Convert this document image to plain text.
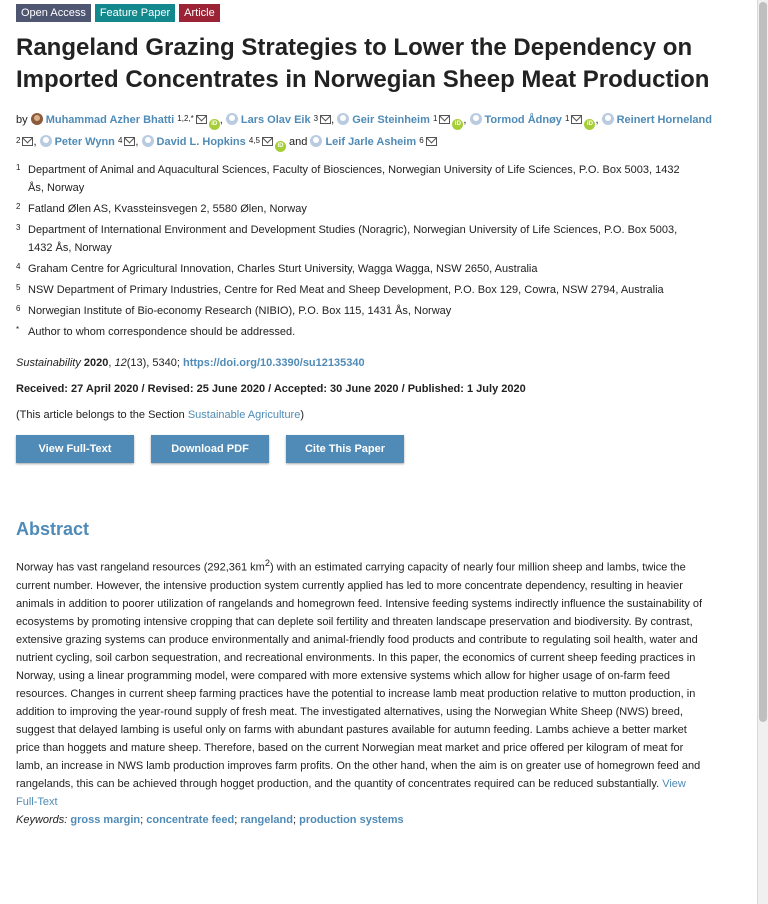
Open Access	Feature Paper	Article
Rangeland Grazing Strategies to Lower the Dependency on Imported Concentrates in Norwegian Sheep Meat Production
by Muhammad Azher Bhatti $^{1,2,*}$iD , Lars Olav Eik $^3$ , Geir Steinheim $^1$iD , Tormod Ådnøy $^1$iD , Reinert Horneland $^2$ , Peter Wynn $^4$ , David L. Hopkins $^{4,5}$iD and Leif Jarle Asheim $^6$
1 Department of Animal and Aquacultural Sciences, Faculty of Biosciences, Norwegian University of Life Sciences, P.O. Box 5003, 1432 Ås, Norway
2 Fatland Ølen AS, Kvassteinsvegen 2, 5580 Ølen, Norway
3 Department of International Environment and Development Studies (Noragric), Norwegian University of Life Sciences, P.O. Box 5003, 1432 Ås, Norway
4 Graham Centre for Agricultural Innovation, Charles Sturt University, Wagga Wagga, NSW 2650, Australia
5 NSW Department of Primary Industries, Centre for Red Meat and Sheep Development, P.O. Box 129, Cowra, NSW 2794, Australia
6 Norwegian Institute of Bio-economy Research (NIBIO), P.O. Box 115, 1431 Ås, Norway
* Author to whom correspondence should be addressed.
Sustainability 2020, 12(13), 5340; https://doi.org/10.3390/su12135340
Received: 27 April 2020 / Revised: 25 June 2020 / Accepted: 30 June 2020 / Published: 1 July 2020
(This article belongs to the Section Sustainable Agriculture)
View Full-Text	Download PDF	Cite This Paper
Abstract
Norway has vast rangeland resources (292,361 $km^2$) with an estimated carrying capacity of nearly four million sheep and lambs, twice the current number. However, the intensive production system currently applied has led to more concentrate dependency, resulting in heavier animals in addition to poorer utilization of rangelands and homegrown feed. Intensive feeding systems indirectly influence the sustainability of ecosystems by promoting intensive cropping that can deplete soil fertility and threaten landscape preservation and biodiversity. By contrast, extensive grazing systems can produce environmentally and animal-friendly food products and contribute to regulating soil health, water and nutrient cycling, soil carbon sequestration, and recreational environments. In this paper, the economics of current sheep feeding practices in Norway, using a linear programming model, were compared with more extensive systems which allow for higher usage of on-farm feed resources. Changes in current sheep farming practices have the potential to increase lamb meat production relative to mutton production, in addition to improving the year-round supply of fresh meat. The investigated alternatives, using the Norwegian White Sheep (NWS) breed, suggest that delayed lambing is useful only on farms with abundant pastures available for autumn feeding. Lambs achieve a better market price than hoggets and mature sheep. Therefore, based on the current Norwegian meat market and price offered per kilogram of meat for lamb, an increase in NWS lamb production improves farm profits. On the other hand, when the aim is on greater use of homegrown feed and rangelands, this can be achieved through hogget production, and the quantity of concentrates required can be reduced substantially. View Full-Text
Keywords: gross margin; concentrate feed; rangeland; production systems
